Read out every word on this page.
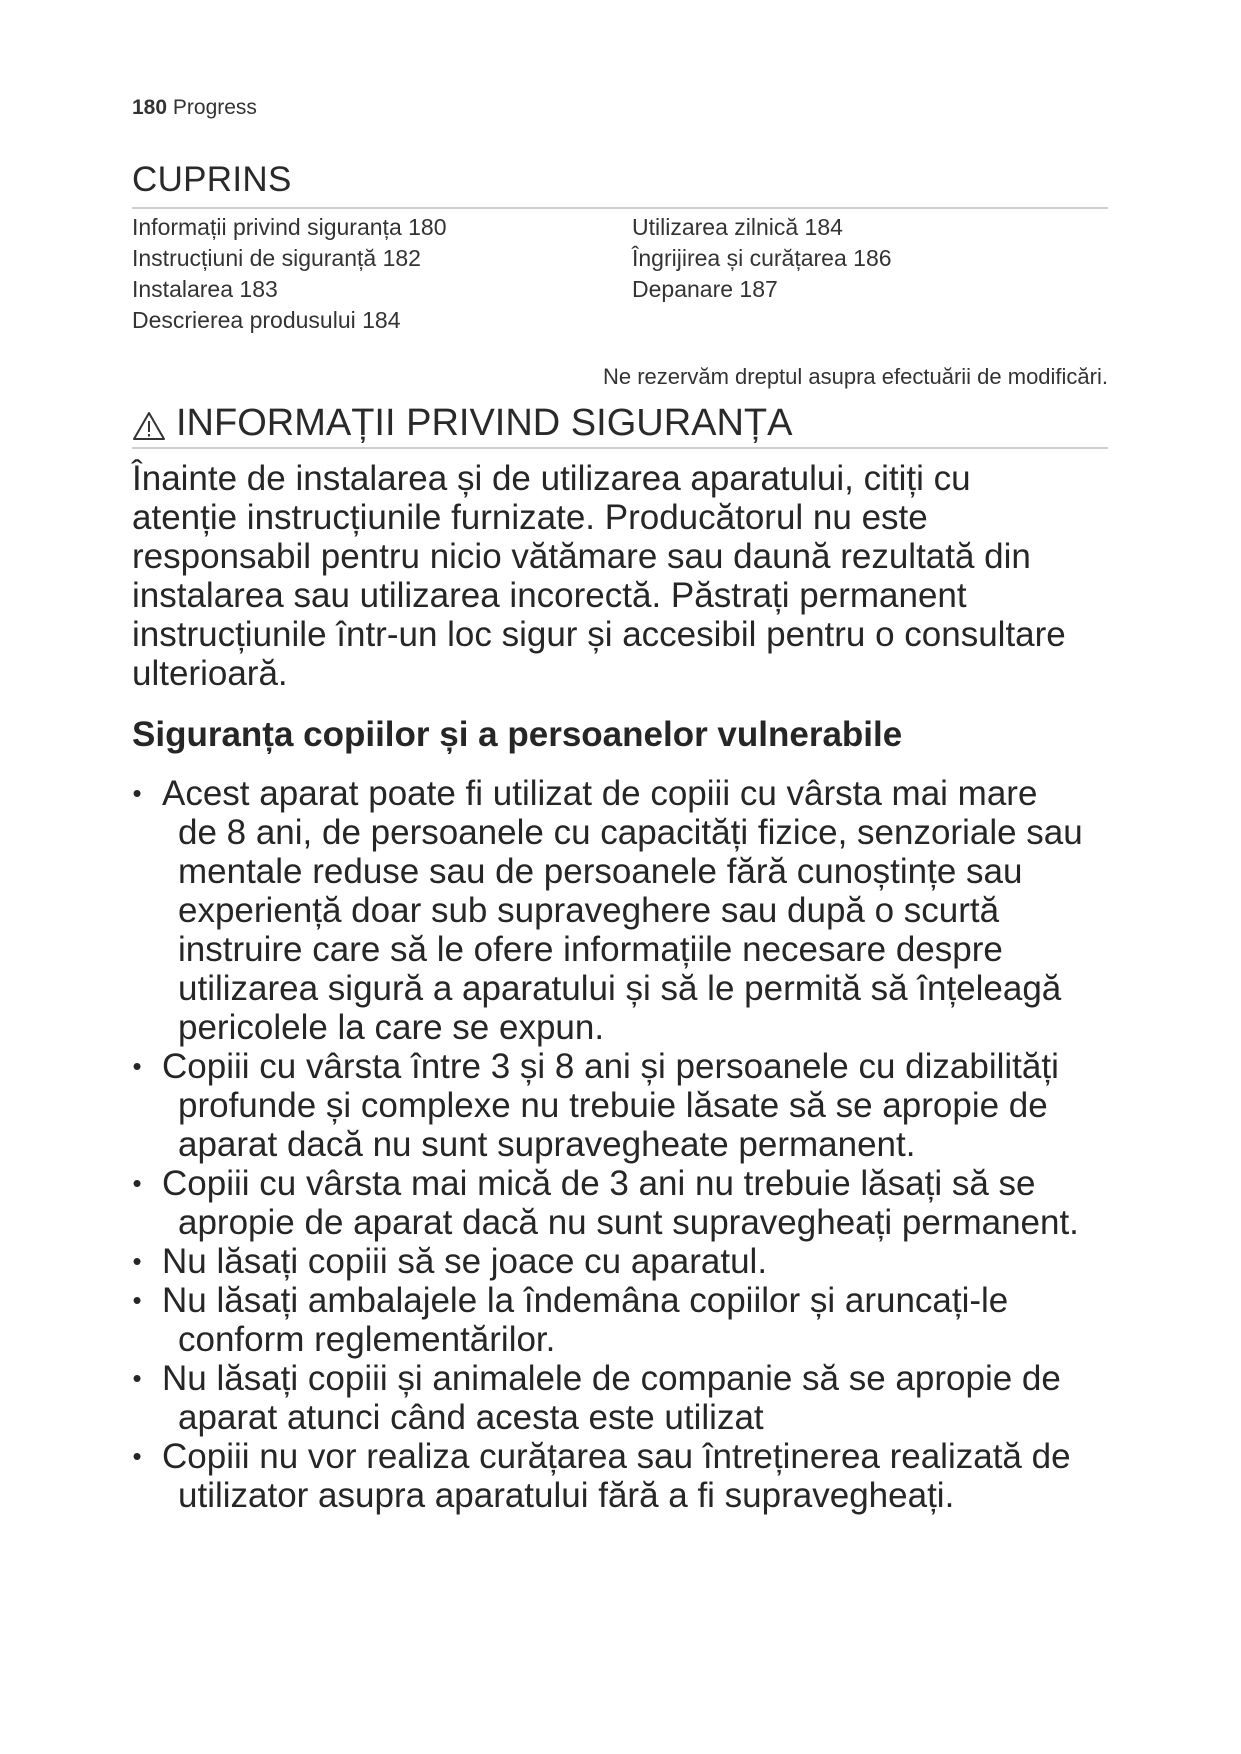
180 Progress
CUPRINS
Informații privind siguranța 180
Instrucțiuni de siguranță 182
Instalarea 183
Descrierea produsului 184
Utilizarea zilnică 184
Îngrijirea și curățarea 186
Depanare 187
Ne rezervăm dreptul asupra efectuării de modificări.
INFORMAȚII PRIVIND SIGURANȚA
Înainte de instalarea și de utilizarea aparatului, citiți cu
atenție instrucțiunile furnizate. Producătorul nu este
responsabil pentru nicio vătămare sau daună rezultată din
instalarea sau utilizarea incorectă. Păstrați permanent
instrucțiunile într-un loc sigur și accesibil pentru o consultare
ulterioară.
Siguranța copiilor și a persoanelor vulnerabile
• Acest aparat poate fi utilizat de copiii cu vârsta mai mare
de 8 ani, de persoanele cu capacități fizice, senzoriale sau
mentale reduse sau de persoanele fără cunoștințe sau
experiență doar sub supraveghere sau după o scurtă
instruire care să le ofere informațiile necesare despre
utilizarea sigură a aparatului și să le permită să înțeleagă
pericolele la care se expun.
• Copiii cu vârsta între 3 și 8 ani și persoanele cu dizabilități
profunde și complexe nu trebuie lăsate să se apropie de
aparat dacă nu sunt supravegheate permanent.
• Copiii cu vârsta mai mică de 3 ani nu trebuie lăsați să se
apropie de aparat dacă nu sunt supravegheați permanent.
• Nu lăsați copiii să se joace cu aparatul.
• Nu lăsați ambalajele la îndemâna copiilor și aruncați-le
conform reglementărilor.
• Nu lăsați copiii și animalele de companie să se apropie de
aparat atunci când acesta este utilizat
• Copiii nu vor realiza curățarea sau întreținerea realizată de
utilizator asupra aparatului fără a fi supravegheați.
